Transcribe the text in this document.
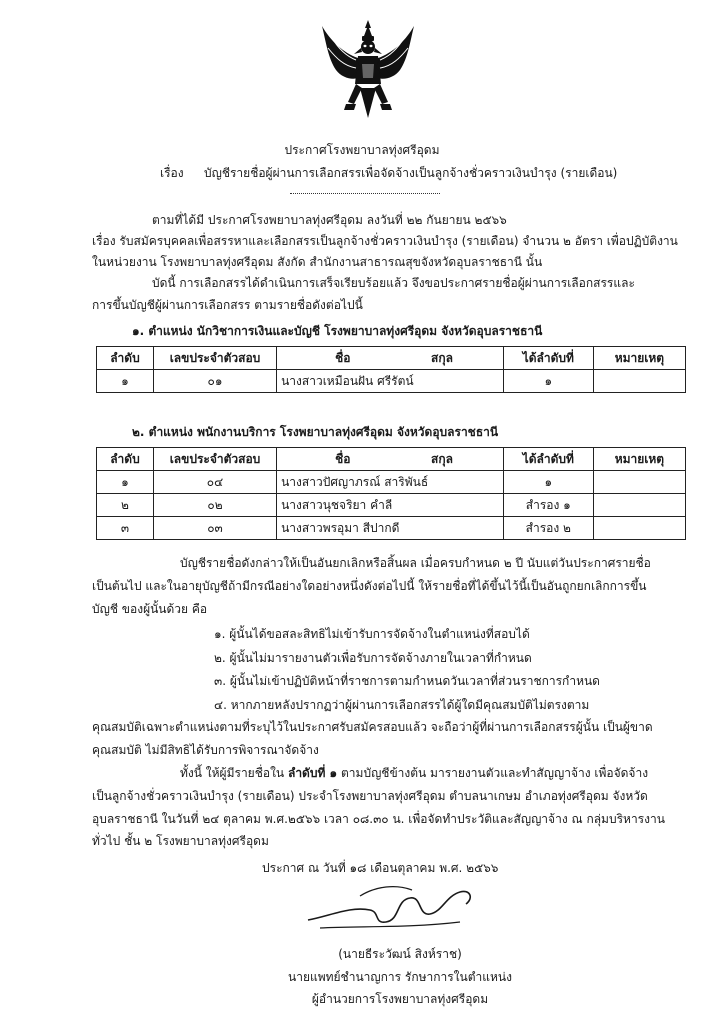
ประกาศโรงพยาบาลทุ่งศรีอุดม
เรื่อง บัญชีรายชื่อผู้ผ่านการเลือกสรรเพื่อจัดจ้างเป็นลูกจ้างชั่วคราวเงินบำรุง (รายเดือน)
ตามที่ได้มี ประกาศโรงพยาบาลทุ่งศรีอุดม ลงวันที่ ๒๒ กันยายน ๒๕๖๖
เรื่อง รับสมัครบุคคลเพื่อสรรหาและเลือกสรรเป็นลูกจ้างชั่วคราวเงินบำรุง (รายเดือน) จำนวน ๒ อัตรา เพื่อปฏิบัติงาน
ในหน่วยงาน โรงพยาบาลทุ่งศรีอุดม สังกัด สำนักงานสาธารณสุขจังหวัดอุบลราชธานี นั้น
บัดนี้ การเลือกสรรได้ดำเนินการเสร็จเรียบร้อยแล้ว จึงขอประกาศรายชื่อผู้ผ่านการเลือกสรรและ
การขึ้นบัญชีผู้ผ่านการเลือกสรร ตามรายชื่อดังต่อไปนี้
๑. ตำแหน่ง นักวิชาการเงินและบัญชี โรงพยาบาลทุ่งศรีอุดม จังหวัดอุบลราชธานี
ลำดับ	เลขประจำตัวสอบ	ชื่อ สกุล	ได้ลำดับที่	หมายเหตุ
๑	๐๑	นางสาวเหมือนฝัน ศรีรัตน์	๑	
๒. ตำแหน่ง พนักงานบริการ โรงพยาบาลทุ่งศรีอุดม จังหวัดอุบลราชธานี
ลำดับ	เลขประจำตัวสอบ	ชื่อ สกุล	ได้ลำดับที่	หมายเหตุ
๑	๐๔	นางสาวปัศญาภรณ์ สาริพันธ์	๑	
๒	๐๒	นางสาวนุชจริยา คำลี	สำรอง ๑	
๓	๐๓	นางสาวพรอุมา สีปากดี	สำรอง ๒	
บัญชีรายชื่อดังกล่าวให้เป็นอันยกเลิกหรือสิ้นผล เมื่อครบกำหนด ๒ ปี นับแต่วันประกาศรายชื่อ
เป็นต้นไป และในอายุบัญชีถ้ามีกรณีอย่างใดอย่างหนึ่งดังต่อไปนี้ ให้รายชื่อที่ได้ขึ้นไว้นี้เป็นอันถูกยกเลิกการขึ้น
บัญชี ของผู้นั้นด้วย คือ
๑. ผู้นั้นได้ขอสละสิทธิไม่เข้ารับการจัดจ้างในตำแหน่งที่สอบได้
๒. ผู้นั้นไม่มารายงานตัวเพื่อรับการจัดจ้างภายในเวลาที่กำหนด
๓. ผู้นั้นไม่เข้าปฏิบัติหน้าที่ราชการตามกำหนดวันเวลาที่ส่วนราชการกำหนด
๔. หากภายหลังปรากฏว่าผู้ผ่านการเลือกสรรได้ผู้ใดมีคุณสมบัติไม่ตรงตาม
คุณสมบัติเฉพาะตำแหน่งตามที่ระบุไว้ในประกาศรับสมัครสอบแล้ว จะถือว่าผู้ที่ผ่านการเลือกสรรผู้นั้น เป็นผู้ขาด
คุณสมบัติ ไม่มีสิทธิได้รับการพิจารณาจัดจ้าง
ทั้งนี้ ให้ผู้มีรายชื่อใน ลำดับที่ ๑ ตามบัญชีข้างต้น มารายงานตัวและทำสัญญาจ้าง เพื่อจัดจ้าง
เป็นลูกจ้างชั่วคราวเงินบำรุง (รายเดือน) ประจำโรงพยาบาลทุ่งศรีอุดม ตำบลนาเกษม อำเภอทุ่งศรีอุดม จังหวัด
อุบลราชธานี ในวันที่ ๒๔ ตุลาคม พ.ศ.๒๕๖๖ เวลา ๐๘.๓๐ น. เพื่อจัดทำประวัติและสัญญาจ้าง ณ กลุ่มบริหารงาน
ทั่วไป ชั้น ๒ โรงพยาบาลทุ่งศรีอุดม
ประกาศ ณ วันที่ ๑๘ เดือนตุลาคม พ.ศ. ๒๕๖๖
(นายธีระวัฒน์ สิงห์ราช)
นายแพทย์ชำนาญการ รักษาการในตำแหน่ง
ผู้อำนวยการโรงพยาบาลทุ่งศรีอุดม
